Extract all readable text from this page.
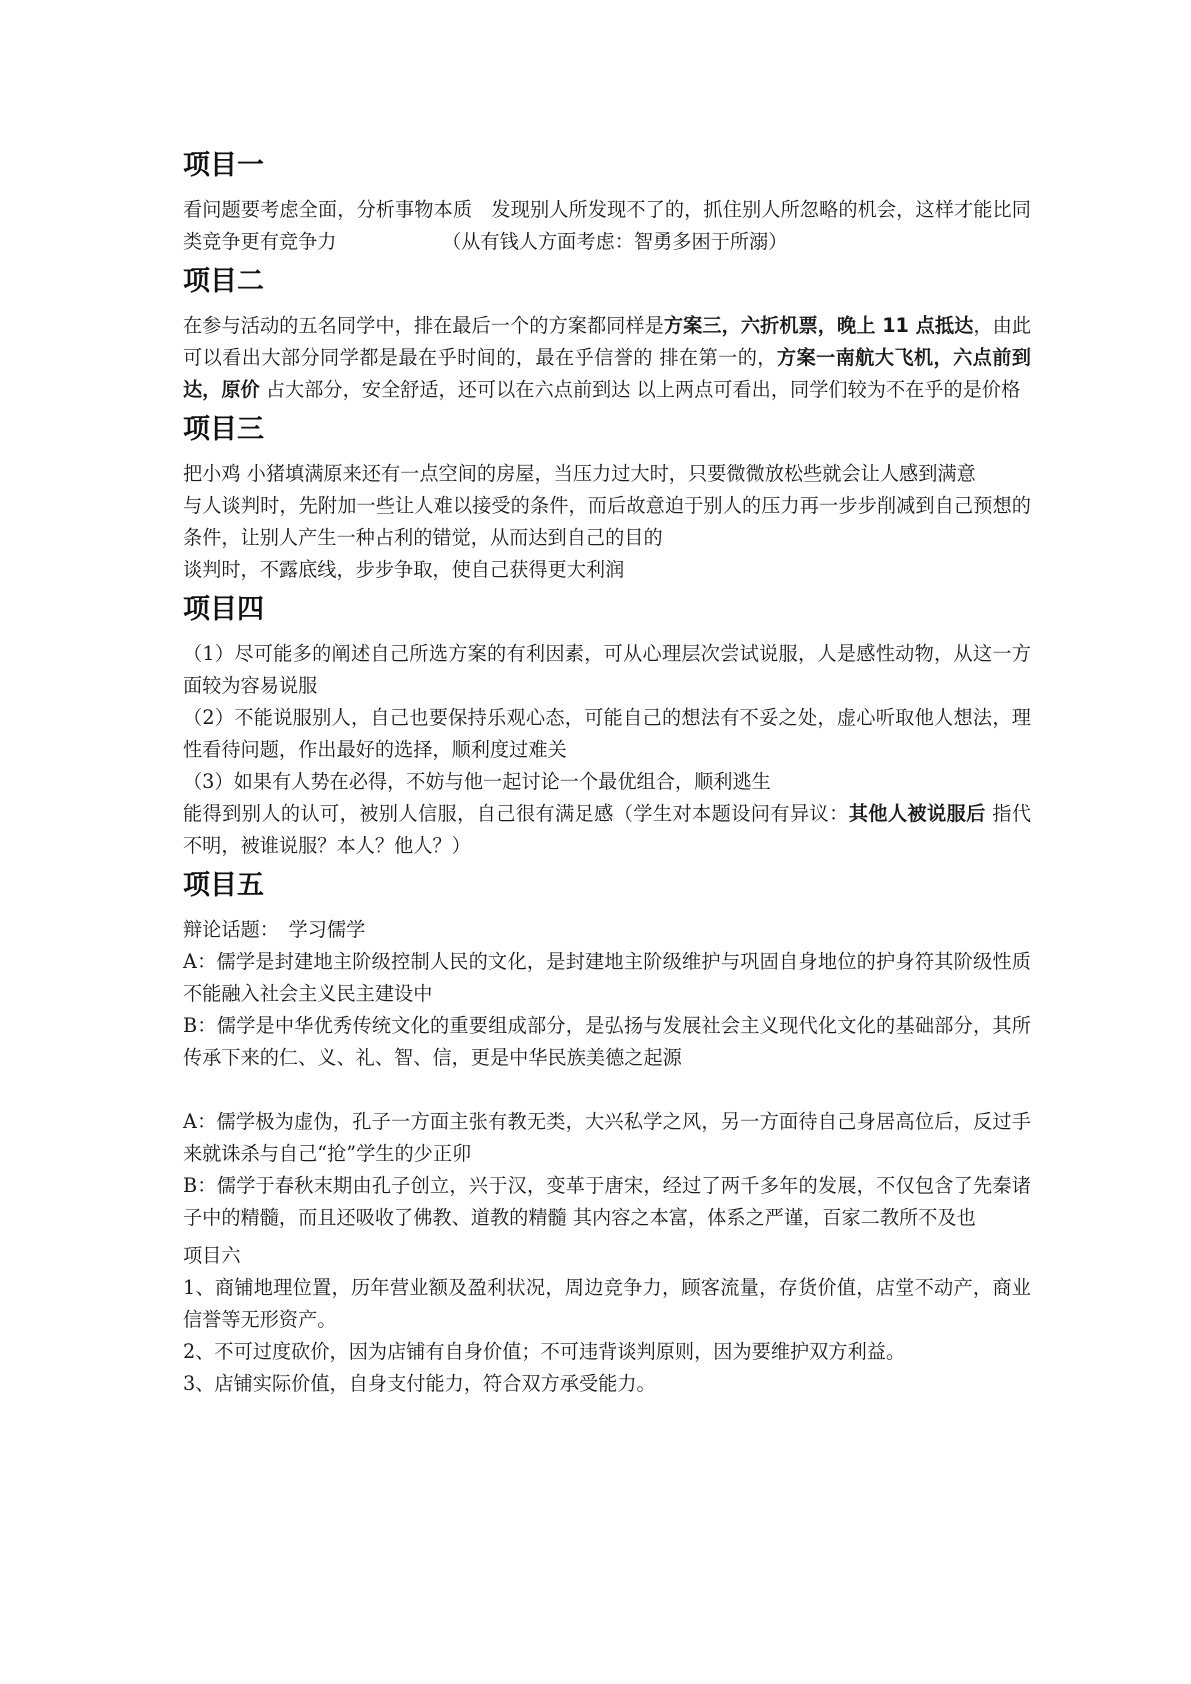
项目一

看问题要考虑全面，分析事物本质　发现别人所发现不了的，抓住别人所忽略的机会，这样才能比同类竞争更有竞争力　　　　　　（从有钱人方面考虑：智勇多困于所溺）

项目二

在参与活动的五名同学中，排在最后一个的方案都同样是方案三，六折机票，晚上 11 点抵达，由此可以看出大部分同学都是最在乎时间的，最在乎信誉的 排在第一的，方案一南航大飞机，六点前到达，原价 占大部分，安全舒适，还可以在六点前到达 以上两点可看出，同学们较为不在乎的是价格

项目三

把小鸡 小猪填满原来还有一点空间的房屋，当压力过大时，只要微微放松些就会让人感到满意

与人谈判时，先附加一些让人难以接受的条件，而后故意迫于别人的压力再一步步削减到自己预想的条件，让别人产生一种占利的错觉，从而达到自己的目的

谈判时，不露底线，步步争取，使自己获得更大利润

项目四

（1）尽可能多的阐述自己所选方案的有利因素，可从心理层次尝试说服，人是感性动物，从这一方面较为容易说服

（2）不能说服别人，自己也要保持乐观心态，可能自己的想法有不妥之处，虚心听取他人想法，理性看待问题，作出最好的选择，顺利度过难关

（3）如果有人势在必得，不妨与他一起讨论一个最优组合，顺利逃生

能得到别人的认可，被别人信服，自己很有满足感（学生对本题设问有异议：其他人被说服后 指代不明，被谁说服？本人？他人？）

项目五

辩论话题：　学习儒学

A：儒学是封建地主阶级控制人民的文化，是封建地主阶级维护与巩固自身地位的护身符其阶级性质不能融入社会主义民主建设中

B：儒学是中华优秀传统文化的重要组成部分，是弘扬与发展社会主义现代化文化的基础部分，其所传承下来的仁、义、礼、智、信，更是中华民族美德之起源

A：儒学极为虚伪，孔子一方面主张有教无类，大兴私学之风，另一方面待自己身居高位后，反过手来就诛杀与自己“抢”学生的少正卯

B：儒学于春秋末期由孔子创立，兴于汉，变革于唐宋，经过了两千多年的发展，不仅包含了先秦诸子中的精髓，而且还吸收了佛教、道教的精髓 其内容之本富，体系之严谨，百家二教所不及也

项目六

1、商铺地理位置，历年营业额及盈利状况，周边竞争力，顾客流量，存货价值，店堂不动产，商业信誉等无形资产。

2、不可过度砍价，因为店铺有自身价值；不可违背谈判原则，因为要维护双方利益。

3、店铺实际价值，自身支付能力，符合双方承受能力。
